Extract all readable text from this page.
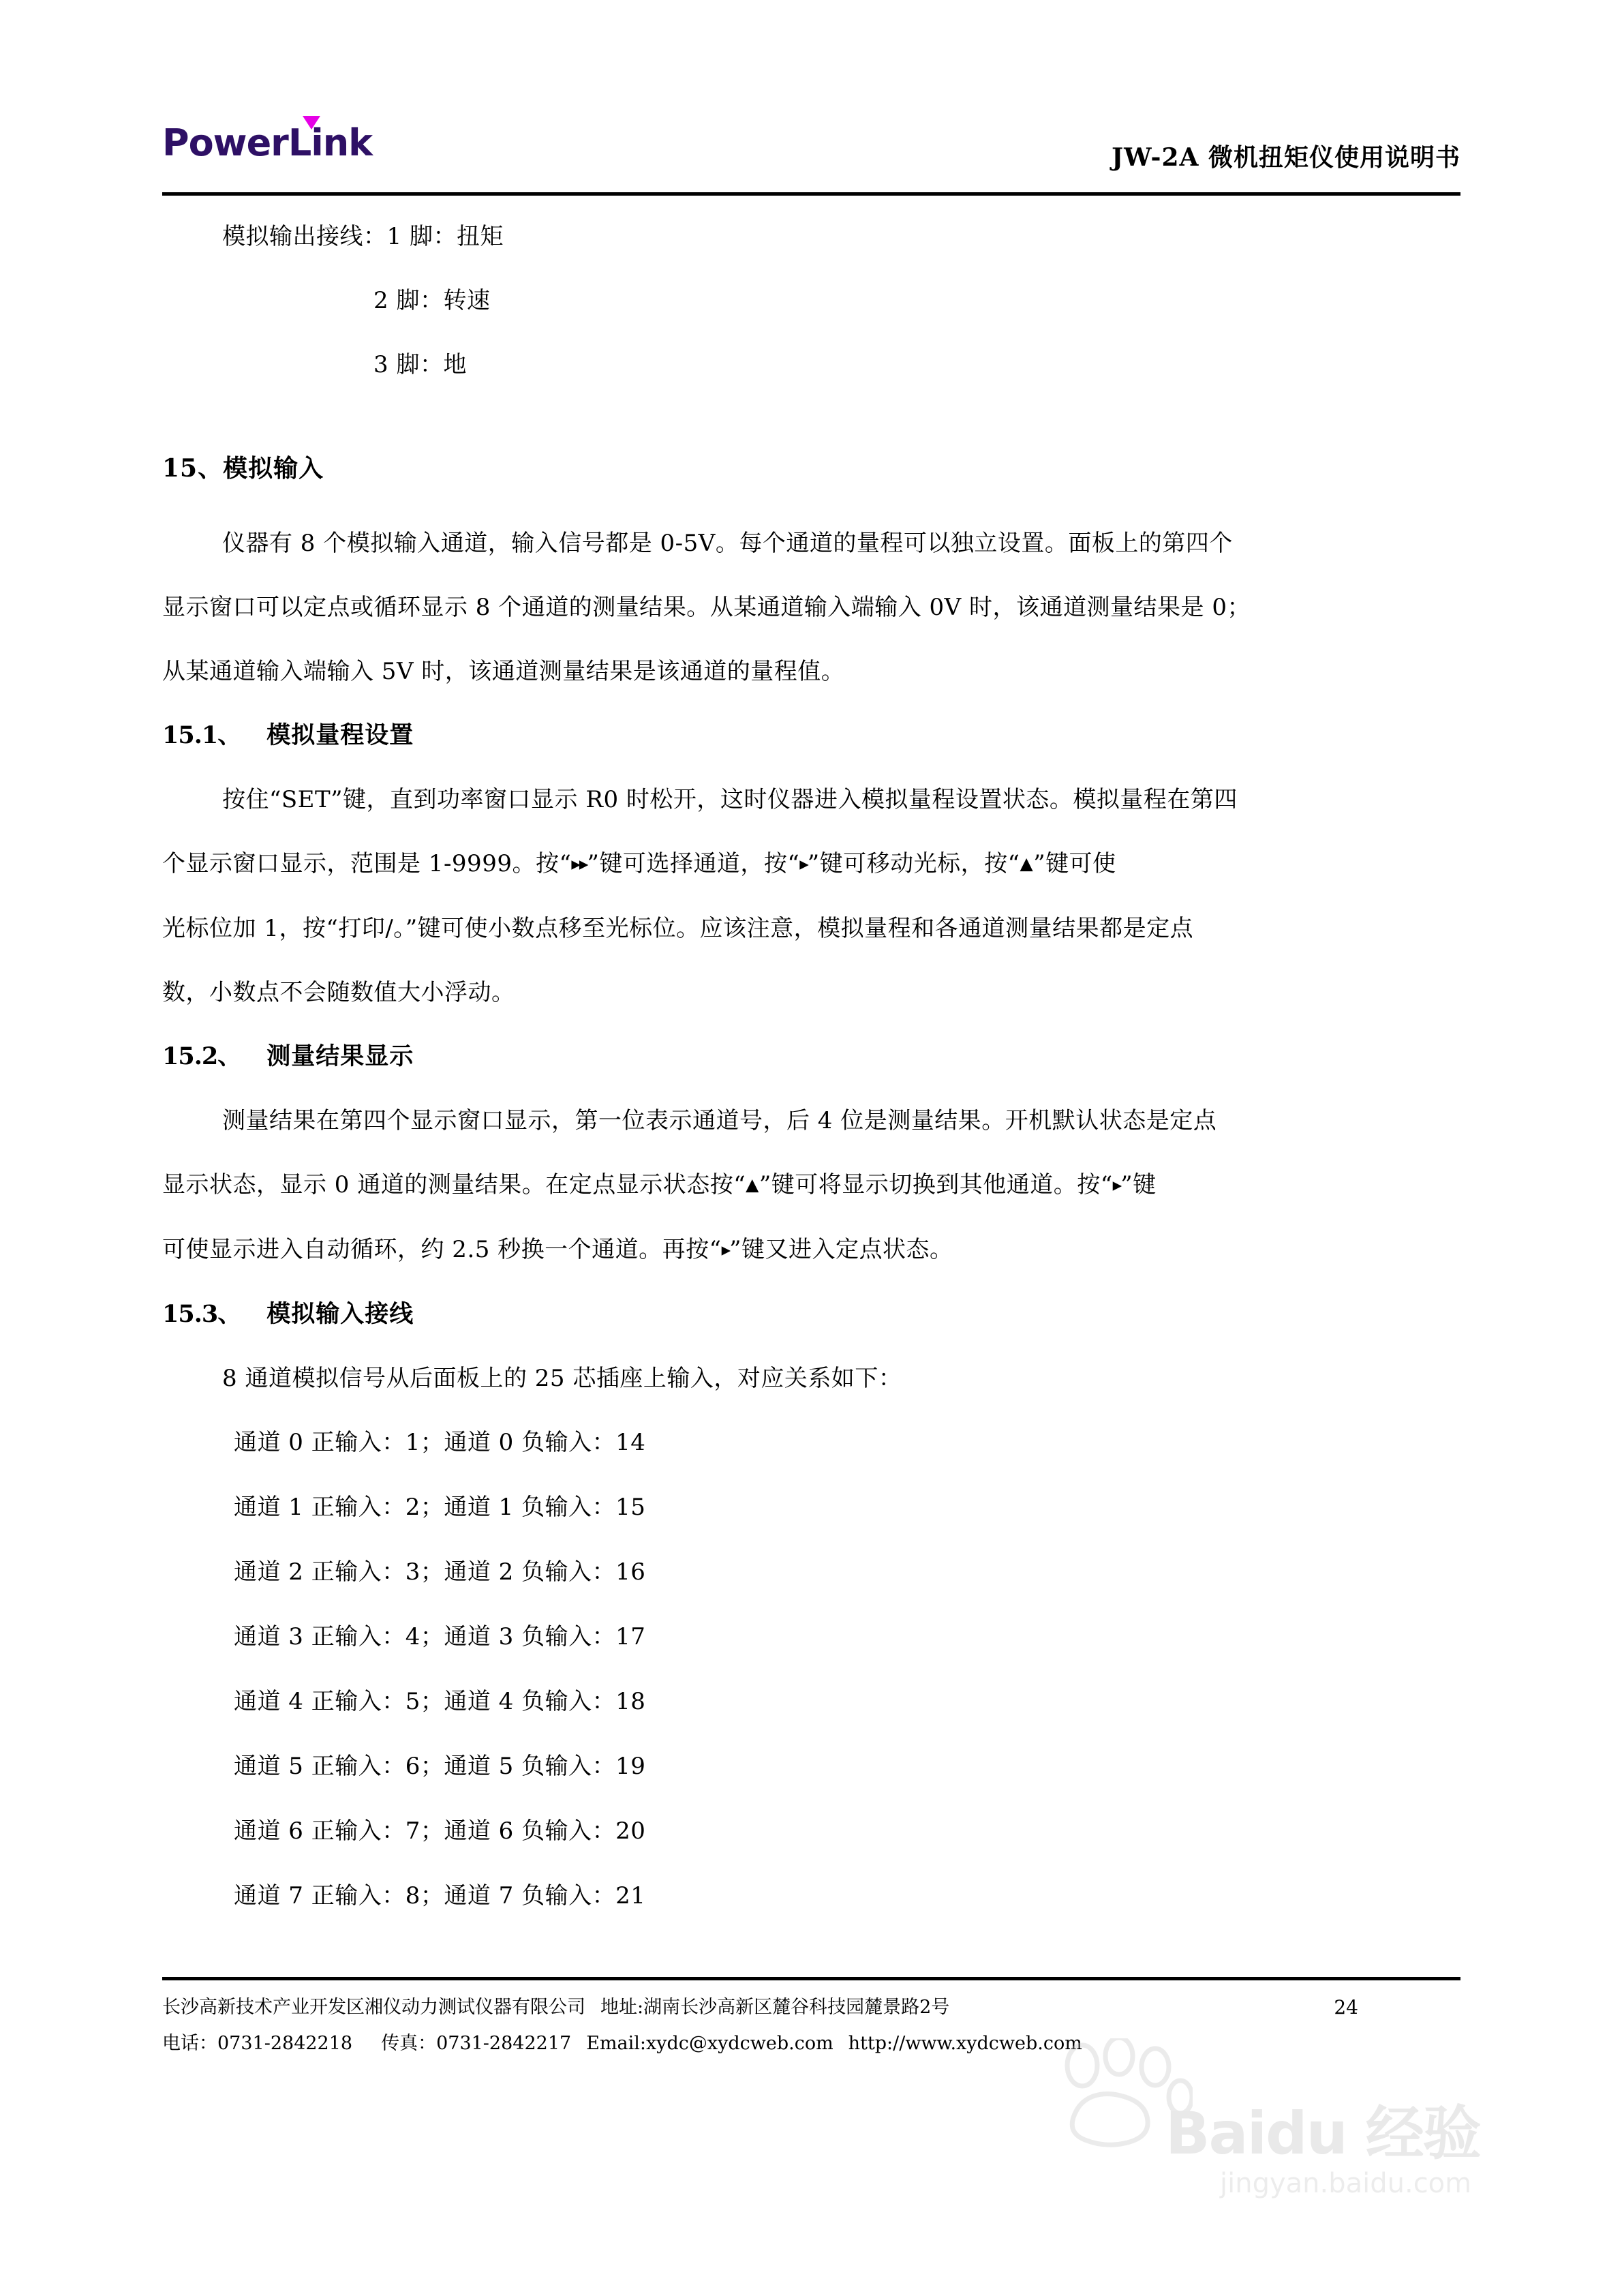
PowerLink	JW-2A 微机扭矩仪使用说明书
模拟输出接线：1 脚：扭矩
2 脚：转速
3 脚：地
15、模拟输入
仪器有 8 个模拟输入通道，输入信号都是 0-5V。每个通道的量程可以独立设置。面板上的第四个
显示窗口可以定点或循环显示 8 个通道的测量结果。从某通道输入端输入 0V 时，该通道测量结果是 0；
从某通道输入端输入 5V 时，该通道测量结果是该通道的量程值。
15.1、 模拟量程设置
按住“SET”键，直到功率窗口显示 R0 时松开，这时仪器进入模拟量程设置状态。模拟量程在第四
个显示窗口显示，范围是 1-9999。按“▸▸”键可选择通道，按“▸”键可移动光标，按“▲”键可使
光标位加 1，按“打印/。”键可使小数点移至光标位。应该注意，模拟量程和各通道测量结果都是定点
数，小数点不会随数值大小浮动。
15.2、 测量结果显示
测量结果在第四个显示窗口显示，第一位表示通道号，后 4 位是测量结果。开机默认状态是定点
显示状态，显示 0 通道的测量结果。在定点显示状态按“▲”键可将显示切换到其他通道。按“▸”键
可使显示进入自动循环，约 2.5 秒换一个通道。再按“▸”键又进入定点状态。
15.3、 模拟输入接线
8 通道模拟信号从后面板上的 25 芯插座上输入，对应关系如下：
通道 0 正输入：1；通道 0 负输入：14
通道 1 正输入：2；通道 1 负输入：15
通道 2 正输入：3；通道 2 负输入：16
通道 3 正输入：4；通道 3 负输入：17
通道 4 正输入：5；通道 4 负输入：18
通道 5 正输入：6；通道 5 负输入：19
通道 6 正输入：7；通道 6 负输入：20
通道 7 正输入：8；通道 7 负输入：21
长沙高新技术产业开发区湘仪动力测试仪器有限公司 地址:湖南长沙高新区麓谷科技园麓景路2号	24
电话：0731-2842218 传真：0731-2842217 Email:xydc@xydcweb.com http://www.xydcweb.com
Baidu 经验
jingyan.baidu.com
